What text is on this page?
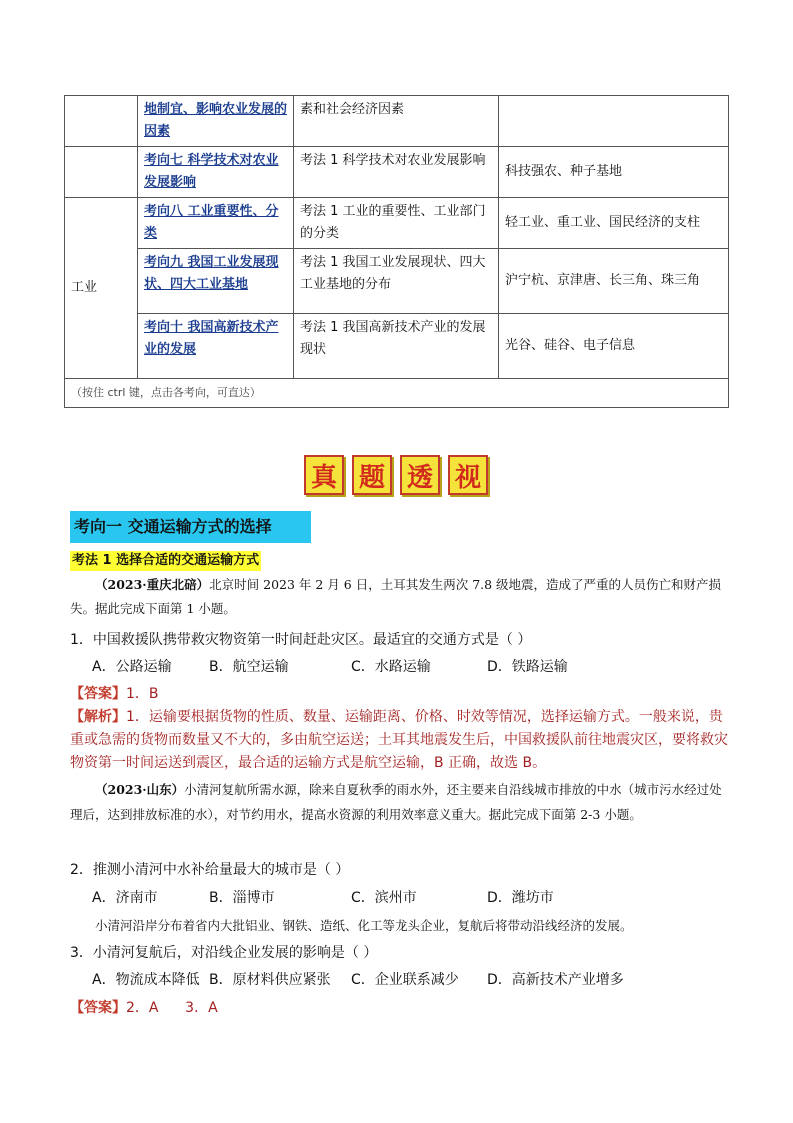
	地制宜、影响农业发展的因素	素和社会经济因素	
	考向七 科学技术对农业发展影响	考法 1 科学技术对农业发展影响	科技强农、种子基地
工业	考向八 工业重要性、分类	考法 1 工业的重要性、工业部门的分类	轻工业、重工业、国民经济的支柱
	考向九 我国工业发展现状、四大工业基地	考法 1 我国工业发展现状、四大工业基地的分布	沪宁杭、京津唐、长三角、珠三角
	考向十 我国高新技术产业的发展	考法 1 我国高新技术产业的发展现状	光谷、硅谷、电子信息
（按住 ctrl 键，点击各考向，可直达）			
真 题 透 视
考向一 交通运输方式的选择
考法 1 选择合适的交通运输方式
（2023·重庆北碚）北京时间 2023 年 2 月 6 日，土耳其发生两次 7.8 级地震，造成了严重的人员伤亡和财产损失。据此完成下面第 1 小题。
1．中国救援队携带救灾物资第一时间赶赴灾区。最适宜的交通方式是（ ）
A．公路运输	B．航空运输	C．水路运输	D．铁路运输
【答案】1．B
【解析】1．运输要根据货物的性质、数量、运输距离、价格、时效等情况，选择运输方式。一般来说，贵重或急需的货物而数量又不大的，多由航空运送；土耳其地震发生后，中国救援队前往地震灾区，要将救灾物资第一时间运送到震区，最合适的运输方式是航空运输，B 正确，故选 B。
（2023·山东）小清河复航所需水源，除来自夏秋季的雨水外，还主要来自沿线城市排放的中水（城市污水经过处理后，达到排放标准的水），对节约用水，提高水资源的利用效率意义重大。据此完成下面第 2-3 小题。
2．推测小清河中水补给量最大的城市是（ ）
A．济南市	B．淄博市	C．滨州市	D．潍坊市
小清河沿岸分布着省内大批铝业、钢铁、造纸、化工等龙头企业，复航后将带动沿线经济的发展。
3．小清河复航后，对沿线企业发展的影响是（ ）
A．物流成本降低 B．原材料供应紧张	C．企业联系减少	D．高新技术产业增多
【答案】2．A      3．A
